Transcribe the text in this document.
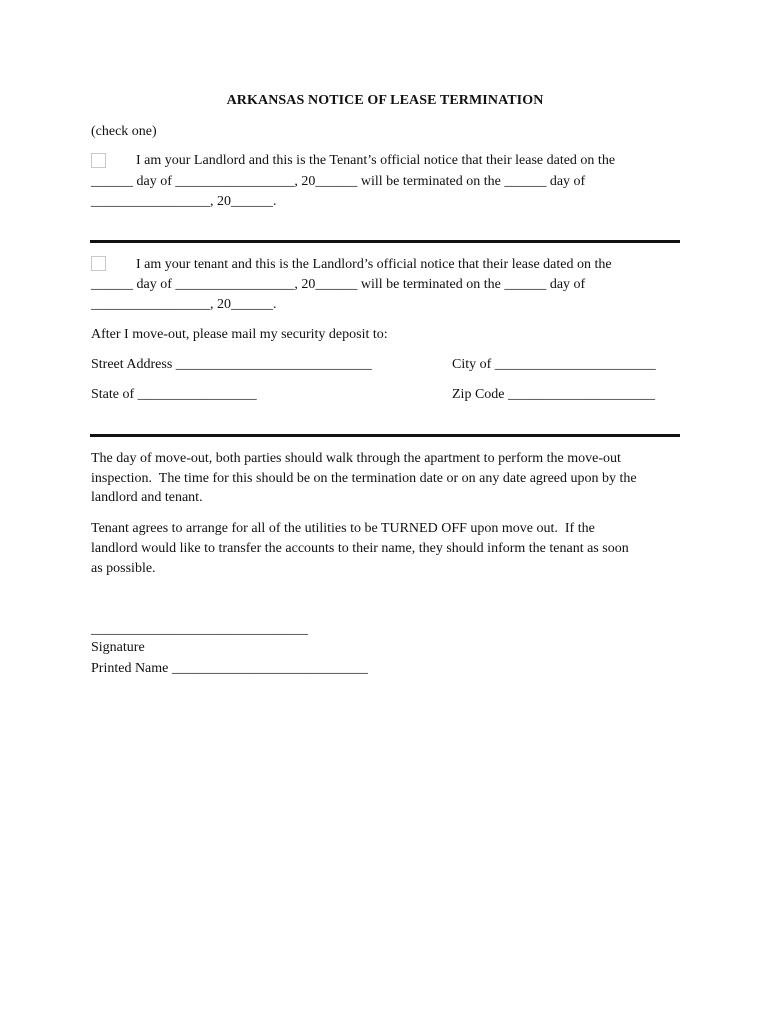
ARKANSAS NOTICE OF LEASE TERMINATION
(check one)
I am your Landlord and this is the Tenant’s official notice that their lease dated on the
______ day of _________________, 20______ will be terminated on the ______ day of
_________________, 20______.
I am your tenant and this is the Landlord’s official notice that their lease dated on the
______ day of _________________, 20______ will be terminated on the ______ day of
_________________, 20______.
After I move-out, please mail my security deposit to:
Street Address ____________________________	City of _______________________
State of _________________	Zip Code _____________________
The day of move-out, both parties should walk through the apartment to perform the move-out
inspection.  The time for this should be on the termination date or on any date agreed upon by the
landlord and tenant.
Tenant agrees to arrange for all of the utilities to be TURNED OFF upon move out.  If the
landlord would like to transfer the accounts to their name, they should inform the tenant as soon
as possible.
_______________________________
Signature
Printed Name ____________________________
